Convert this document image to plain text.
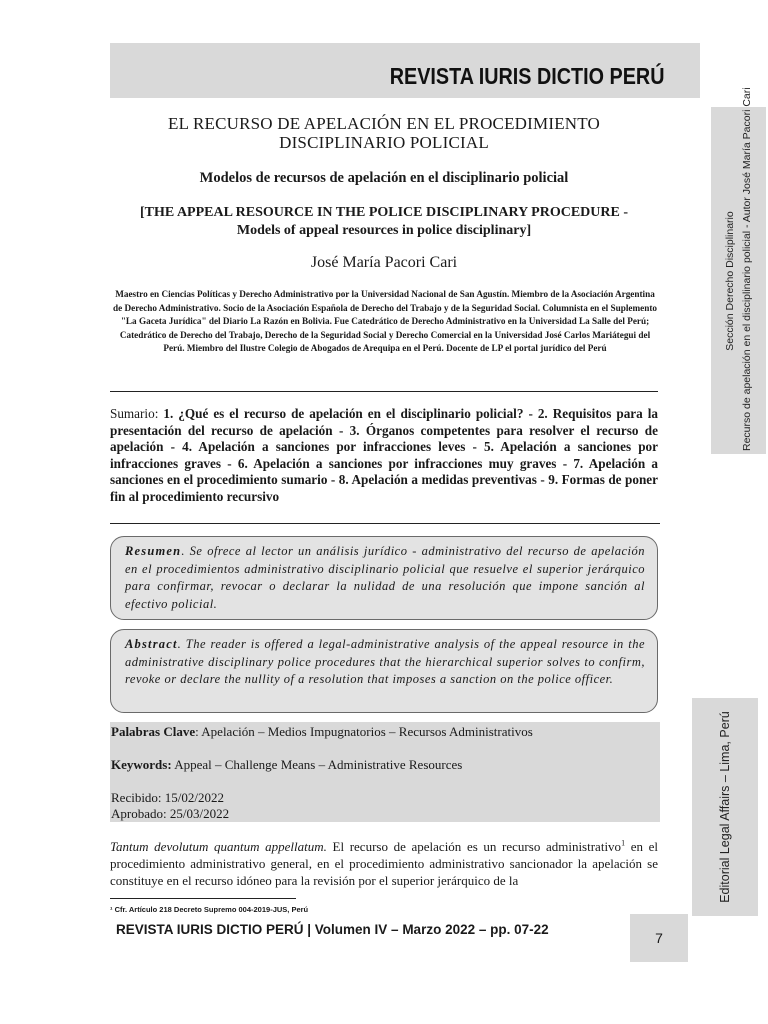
REVISTA IURIS DICTIO PERÚ
EL RECURSO DE APELACIÓN EN EL PROCEDIMIENTO
DISCIPLINARIO POLICIAL
Modelos de recursos de apelación en el disciplinario policial
[THE APPEAL RESOURCE IN THE POLICE DISCIPLINARY PROCEDURE -
Models of appeal resources in police disciplinary]
José María Pacori Cari
Maestro en Ciencias Políticas y Derecho Administrativo por la Universidad Nacional de San Agustín. Miembro de la Asociación Argentina de Derecho Administrativo. Socio de la Asociación Española de Derecho del Trabajo y de la Seguridad Social. Columnista en el Suplemento "La Gaceta Jurídica" del Diario La Razón en Bolivia. Fue Catedrático de Derecho Administrativo en la Universidad La Salle del Perú; Catedrático de Derecho del Trabajo, Derecho de la Seguridad Social y Derecho Comercial en la Universidad José Carlos Mariátegui del Perú. Miembro del Ilustre Colegio de Abogados de Arequipa en el Perú. Docente de LP el portal jurídico del Perú
Sumario: 1. ¿Qué es el recurso de apelación en el disciplinario policial? - 2. Requisitos para la presentación del recurso de apelación - 3. Órganos competentes para resolver el recurso de apelación - 4. Apelación a sanciones por infracciones leves - 5. Apelación a sanciones por infracciones graves - 6. Apelación a sanciones por infracciones muy graves - 7. Apelación a sanciones en el procedimiento sumario - 8. Apelación a medidas preventivas - 9. Formas de poner fin al procedimiento recursivo
Resumen. Se ofrece al lector un análisis jurídico - administrativo del recurso de apelación en el procedimientos administrativo disciplinario policial que resuelve el superior jerárquico para confirmar, revocar o declarar la nulidad de una resolución que impone sanción al efectivo policial.
Abstract. The reader is offered a legal-administrative analysis of the appeal resource in the administrative disciplinary police procedures that the hierarchical superior solves to confirm, revoke or declare the nullity of a resolution that imposes a sanction on the police officer.
Palabras Clave: Apelación – Medios Impugnatorios – Recursos Administrativos
Keywords: Appeal – Challenge Means – Administrative Resources
Recibido: 15/02/2022
Aprobado: 25/03/2022
Tantum devolutum quantum appellatum. El recurso de apelación es un recurso administrativo$^1$ en el procedimiento administrativo general, en el procedimiento administrativo sancionador la apelación se constituye en el recurso idóneo para la revisión por el superior jerárquico de la
¹ Cfr. Artículo 218 Decreto Supremo 004-2019-JUS, Perú
REVISTA IURIS DICTIO PERÚ | Volumen IV – Marzo 2022 – pp. 07-22
7
Sección Derecho Disciplinario Recurso de apelación en el disciplinario policial - Autor José María Pacori Cari
Editorial Legal Affairs – Lima, Perú
